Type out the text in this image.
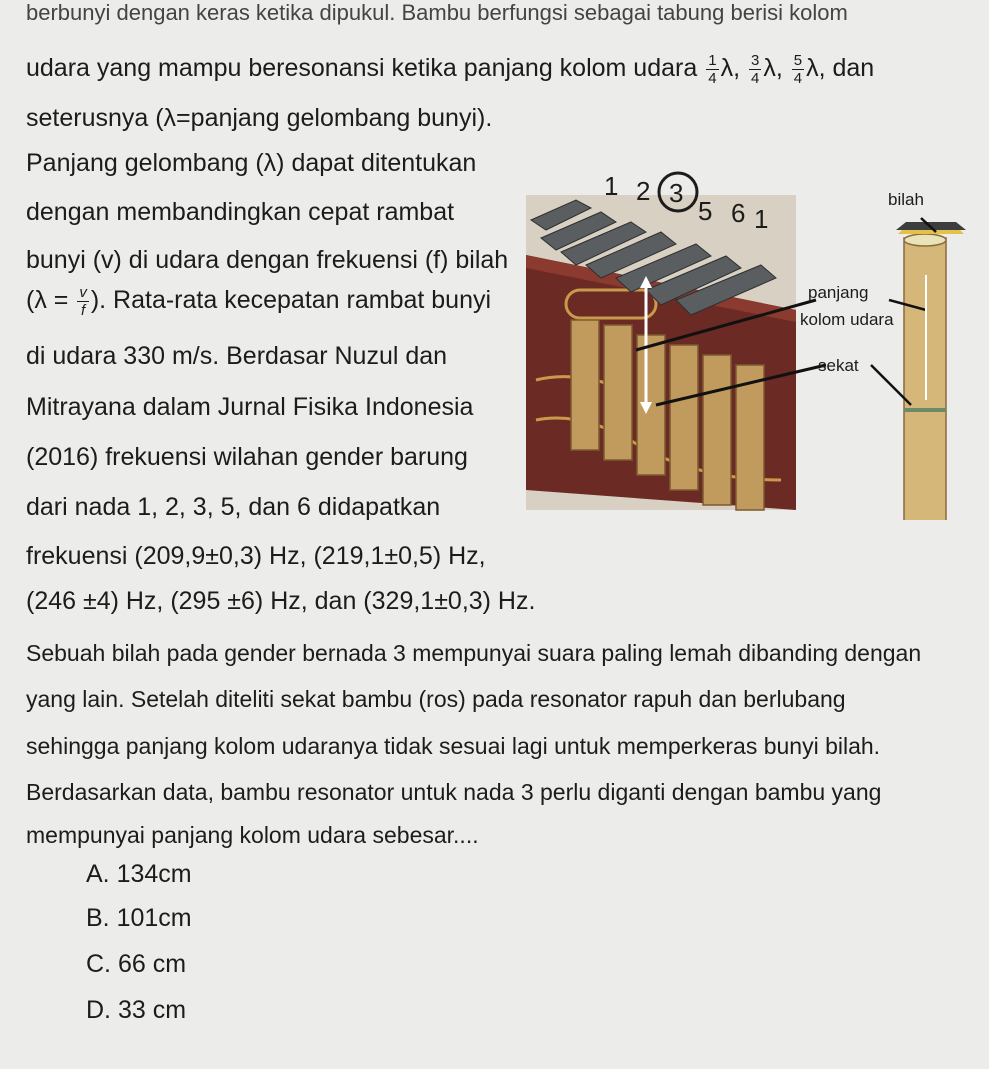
berbunyi dengan keras ketika dipukul. Bambu berfungsi sebagai tabung berisi kolom
udara yang mampu beresonansi ketika panjang kolom udara $\frac{1}{4} \lambda$, $\frac{3}{4} \lambda$, $\frac{5}{4} \lambda$, dan
seterusnya (λ=panjang gelombang bunyi).
Panjang gelombang (λ) dapat ditentukan
dengan membandingkan cepat rambat
bunyi (v) di udara dengan frekuensi (f) bilah
($\lambda = \frac{v}{f}$ ). Rata-rata kecepatan rambat bunyi
di udara 330 m/s. Berdasar Nuzul dan
Mitrayana dalam Jurnal Fisika Indonesia
(2016) frekuensi wilahan gender barung
dari nada 1, 2, 3, 5, dan 6 didapatkan
frekuensi (209,9±0,3) Hz, (219,1±0,5) Hz,
(246 ±4) Hz, (295 ±6) Hz, dan (329,1±0,3) Hz.
Sebuah bilah pada gender bernada 3 mempunyai suara paling lemah dibanding dengan
yang lain. Setelah diteliti sekat bambu (ros) pada resonator rapuh dan berlubang
sehingga panjang kolom udaranya tidak sesuai lagi untuk memperkeras bunyi bilah.
Berdasarkan data, bambu resonator untuk nada 3 perlu diganti dengan bambu yang
mempunyai panjang kolom udara sebesar....
1 2 3
5 6 1
bilah
panjang
kolom udara
sekat
A. 134cm
B. 101cm
C. 66 cm
D. 33 cm
